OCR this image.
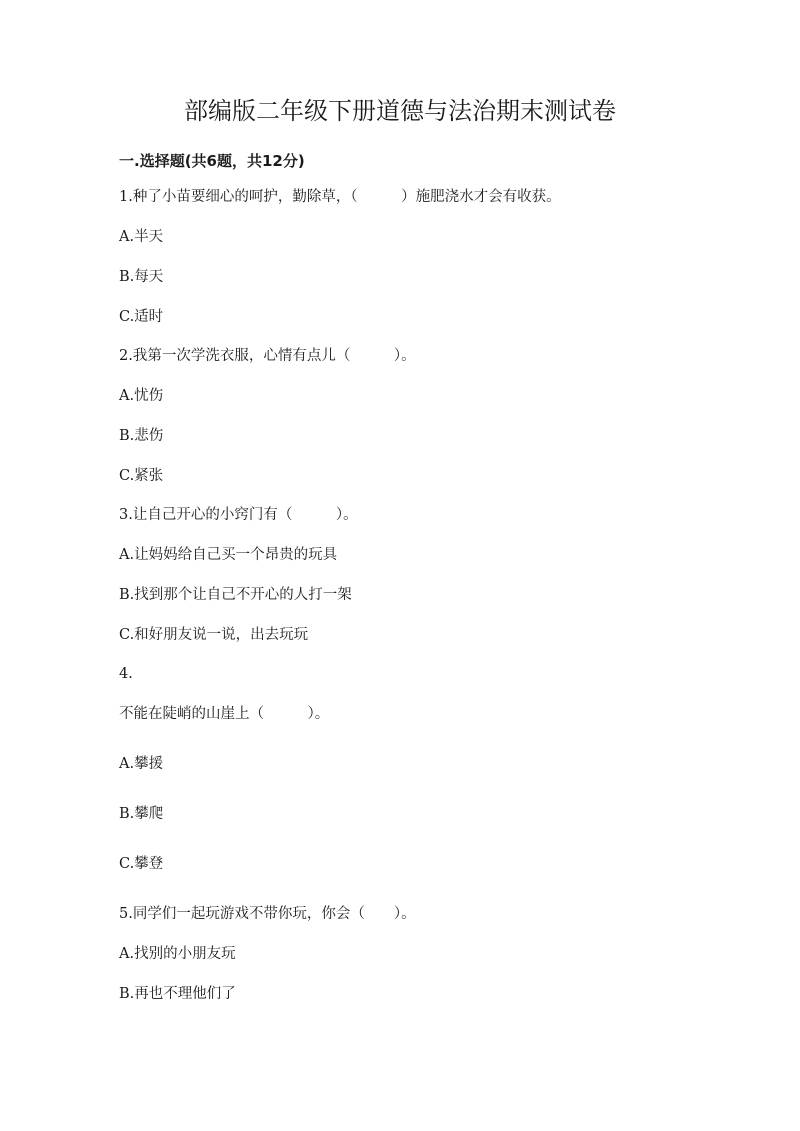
部编版二年级下册道德与法治期末测试卷
一.选择题(共6题，共12分)
1.种了小苗要细心的呵护，勤除草，（　　　）施肥浇水才会有收获。
A.半天
B.每天
C.适时
2.我第一次学洗衣服，心情有点儿（　　　）。
A.忧伤
B.悲伤
C.紧张
3.让自己开心的小窍门有（　　　）。
A.让妈妈给自己买一个昂贵的玩具
B.找到那个让自己不开心的人打一架
C.和好朋友说一说，出去玩玩
4.
不能在陡峭的山崖上（　　　）。
A.攀援
B.攀爬
C.攀登
5.同学们一起玩游戏不带你玩，你会（　　）。
A.找别的小朋友玩
B.再也不理他们了
